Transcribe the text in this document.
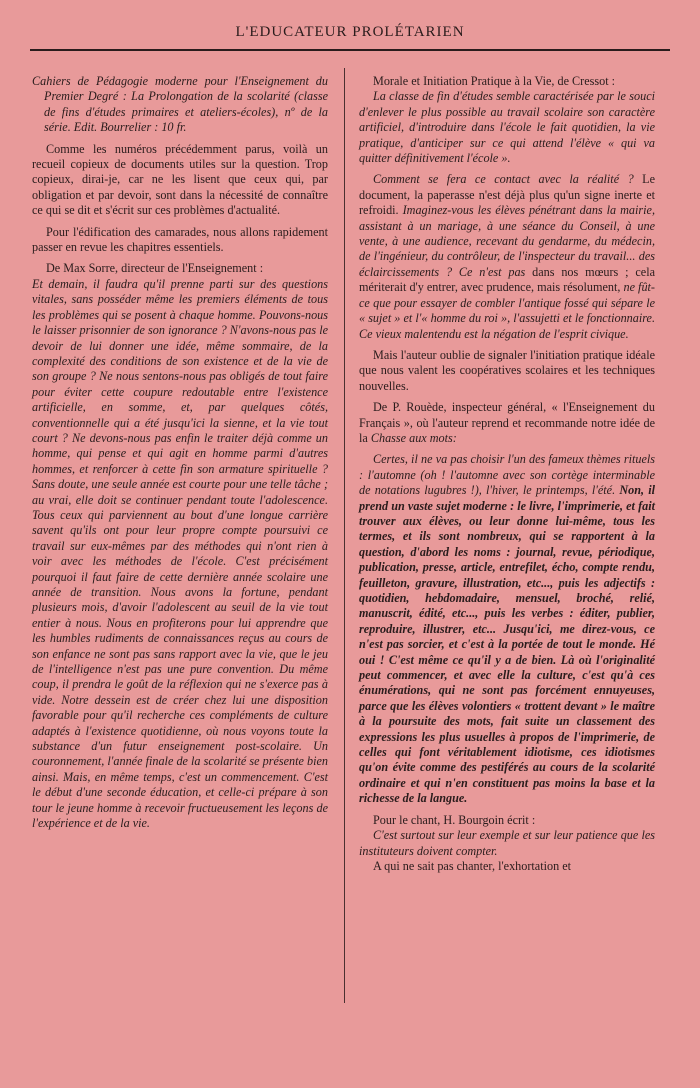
L'EDUCATEUR PROLÉTARIEN

Cahiers de Pédagogie moderne pour l'Enseignement du Premier Degré : La Prolongation de la scolarité (classe de fins d'études primaires et ateliers-écoles), nº de la série. Edit. Bourrelier : 10 fr.

Comme les numéros précédemment parus, voilà un recueil copieux de documents utiles sur la question. Trop copieux, dirai-je, car ne les lisent que ceux qui, par obligation et par devoir, sont dans la nécessité de connaître ce qui se dit et s'écrit sur ces problèmes d'actualité.

Pour l'édification des camarades, nous allons rapidement passer en revue les chapitres essentiels.

De Max Sorre, directeur de l'Enseignement :

Et demain, il faudra qu'il prenne parti sur des questions vitales, sans posséder même les premiers éléments de tous les problèmes qui se posent à chaque homme. Pouvons-nous le laisser prisonnier de son ignorance ? N'avons-nous pas le devoir de lui donner une idée, même sommaire, de la complexité des conditions de son existence et de la vie de son groupe ? Ne nous sentons-nous pas obligés de tout faire pour éviter cette coupure redoutable entre l'existence artificielle, en somme, et, par quelques côtés, conventionnelle qui a été jusqu'ici la sienne, et la vie tout court ? Ne devons-nous pas enfin le traiter déjà comme un homme, qui pense et qui agit en homme parmi d'autres hommes, et renforcer à cette fin son armature spirituelle ? Sans doute, une seule année est courte pour une telle tâche ; au vrai, elle doit se continuer pendant toute l'adolescence. Tous ceux qui parviennent au bout d'une longue carrière savent qu'ils ont pour leur propre compte poursuivi ce travail sur eux-mêmes par des méthodes qui n'ont rien à voir avec les méthodes de l'école. C'est précisément pourquoi il faut faire de cette dernière année scolaire une année de transition. Nous avons la fortune, pendant plusieurs mois, d'avoir l'adolescent au seuil de la vie tout entier à nous. Nous en profiterons pour lui apprendre que les humbles rudiments de connaissances reçus au cours de son enfance ne sont pas sans rapport avec la vie, que le jeu de l'intelligence n'est pas une pure convention. Du même coup, il prendra le goût de la réflexion qui ne s'exerce pas à vide. Notre dessein est de créer chez lui une disposition favorable pour qu'il recherche ces compléments de culture adaptés à l'existence quotidienne, où nous voyons toute la substance d'un futur enseignement post-scolaire. Un couronnement, l'année finale de la scolarité se présente bien ainsi. Mais, en même temps, c'est un commencement. C'est le début d'une seconde éducation, et celle-ci prépare à son tour le jeune homme à recevoir fructueusement les leçons de l'expérience et de la vie.

Morale et Initiation Pratique à la Vie, de Cressot :

La classe de fin d'études semble caractérisée par le souci d'enlever le plus possible au travail scolaire son caractère artificiel, d'introduire dans l'école le fait quotidien, la vie pratique, d'anticiper sur ce qui attend l'élève « qui va quitter définitivement l'école ».

Comment se fera ce contact avec la réalité ? Le document, la paperasse n'est déjà plus qu'un signe inerte et refroidi. Imaginez-vous les élèves pénétrant dans la mairie, assistant à un mariage, à une séance du Conseil, à une vente, à une audience, recevant du gendarme, du médecin, de l'ingénieur, du contrôleur, de l'inspecteur du travail... des éclaircissements ? Ce n'est pas dans nos mœurs ; cela mériterait d'y entrer, avec prudence, mais résolument, ne fût-ce que pour essayer de combler l'antique fossé qui sépare le « sujet » et l'« homme du roi », l'assujetti et le fonctionnaire. Ce vieux malentendu est la négation de l'esprit civique.

Mais l'auteur oublie de signaler l'initiation pratique idéale que nous valent les coopératives scolaires et les techniques nouvelles.

De P. Rouède, inspecteur général, « l'Enseignement du Français », où l'auteur reprend et recommande notre idée de la Chasse aux mots:

Certes, il ne va pas choisir l'un des fameux thèmes rituels : l'automne (oh ! l'automne avec son cortège interminable de notations lugubres !), l'hiver, le printemps, l'été. Non, il prend un vaste sujet moderne : le livre, l'imprimerie, et fait trouver aux élèves, ou leur donne lui-même, tous les termes, et ils sont nombreux, qui se rapportent à la question, d'abord les noms : journal, revue, périodique, publication, presse, article, entrefilet, écho, compte rendu, feuilleton, gravure, illustration, etc..., puis les adjectifs : quotidien, hebdomadaire, mensuel, broché, relié, manuscrit, édité, etc..., puis les verbes : éditer, publier, reproduire, illustrer, etc... Jusqu'ici, me direz-vous, ce n'est pas sorcier, et c'est à la portée de tout le monde. Hé oui ! C'est même ce qu'il y a de bien. Là où l'originalité peut commencer, et avec elle la culture, c'est qu'à ces énumérations, qui ne sont pas forcément ennuyeuses, parce que les élèves volontiers « trottent devant » le maître à la poursuite des mots, fait suite un classement des expressions les plus usuelles à propos de l'imprimerie, de celles qui font véritablement idiotisme, ces idiotismes qu'on évite comme des pestiférés au cours de la scolarité ordinaire et qui n'en constituent pas moins la base et la richesse de la langue.

Pour le chant, H. Bourgoin écrit :

C'est surtout sur leur exemple et sur leur patience que les instituteurs doivent compter.

A qui ne sait pas chanter, l'exhortation et
